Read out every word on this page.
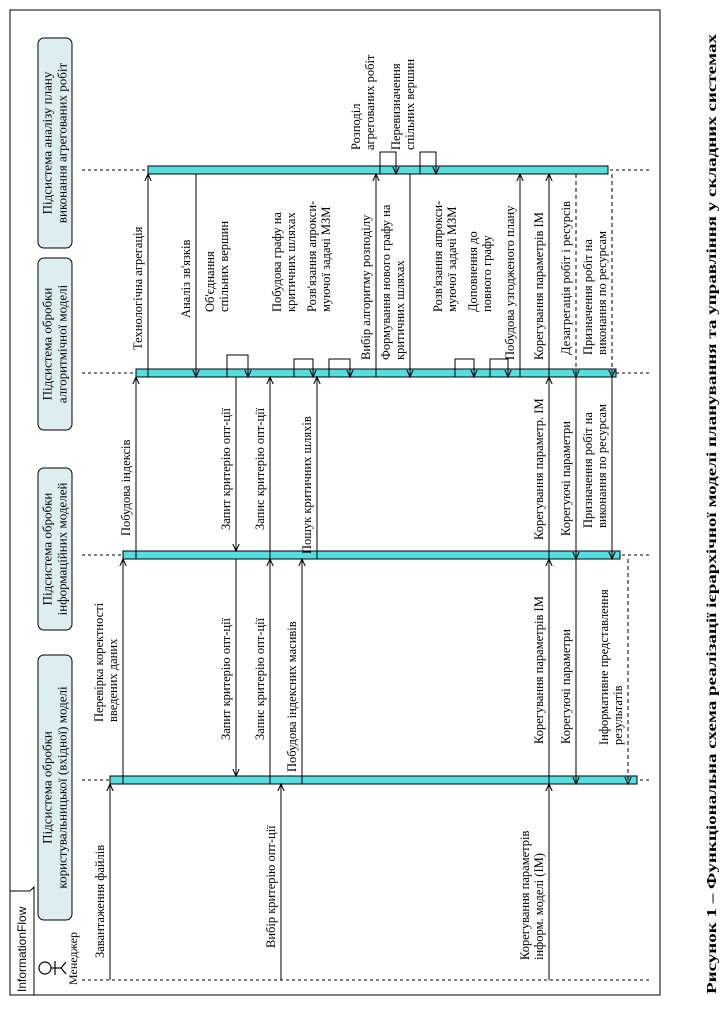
InformationFlow	Менеджер
Підсистема обробкикористувальницької (вхідної) моделі
Підсистема обробкиінформаційних моделей
Підсистема обробкиалгоритмічної моделі
Підсистема аналізу планувиконання агрегованих робіт
Завантаження файлів
Перевірка коректностівведених даних
Побудова індексів
Технологічна агрегація	Аналіз зв'язків Об'єднанняспільних вершин
Розподілагрегованих робіт Перевизначенняспільних вершин
Вибір критерію опт-ції
Запит критерію опт-ції
Запит критерію опт-ції
Запис критерію опт-ції
Запис критерію опт-ції
Побудова індексних масивів
Пошук критичних шляхів
Побудова графу накритичних шляхах Розв'язання апрокси-муючої задачі МЗМ Вибір алгоритму розподілу Формування нового графу накритичних шляхах Розв'язання апрокси-муючої задачі МЗМ Доповнення доповного графу Побудова узгодженого плану
Корегування параметрівінформ. моделі (ІМ)
Корегування параметрів ІМ
Корегування параметр. ІМ
Корегування параметрів ІМ
Корегуючі параметри
Корегуючі параметри
Дезагрегація робіт і ресурсів
Призначення робіт навиконання по ресурсам
Призначення робіт навиконання по ресурсам
Інформативне представленнярезультатів	Рисунок 1 – Функціональна схема реалізації ієрархічної моделі планування та управління у складних системах
